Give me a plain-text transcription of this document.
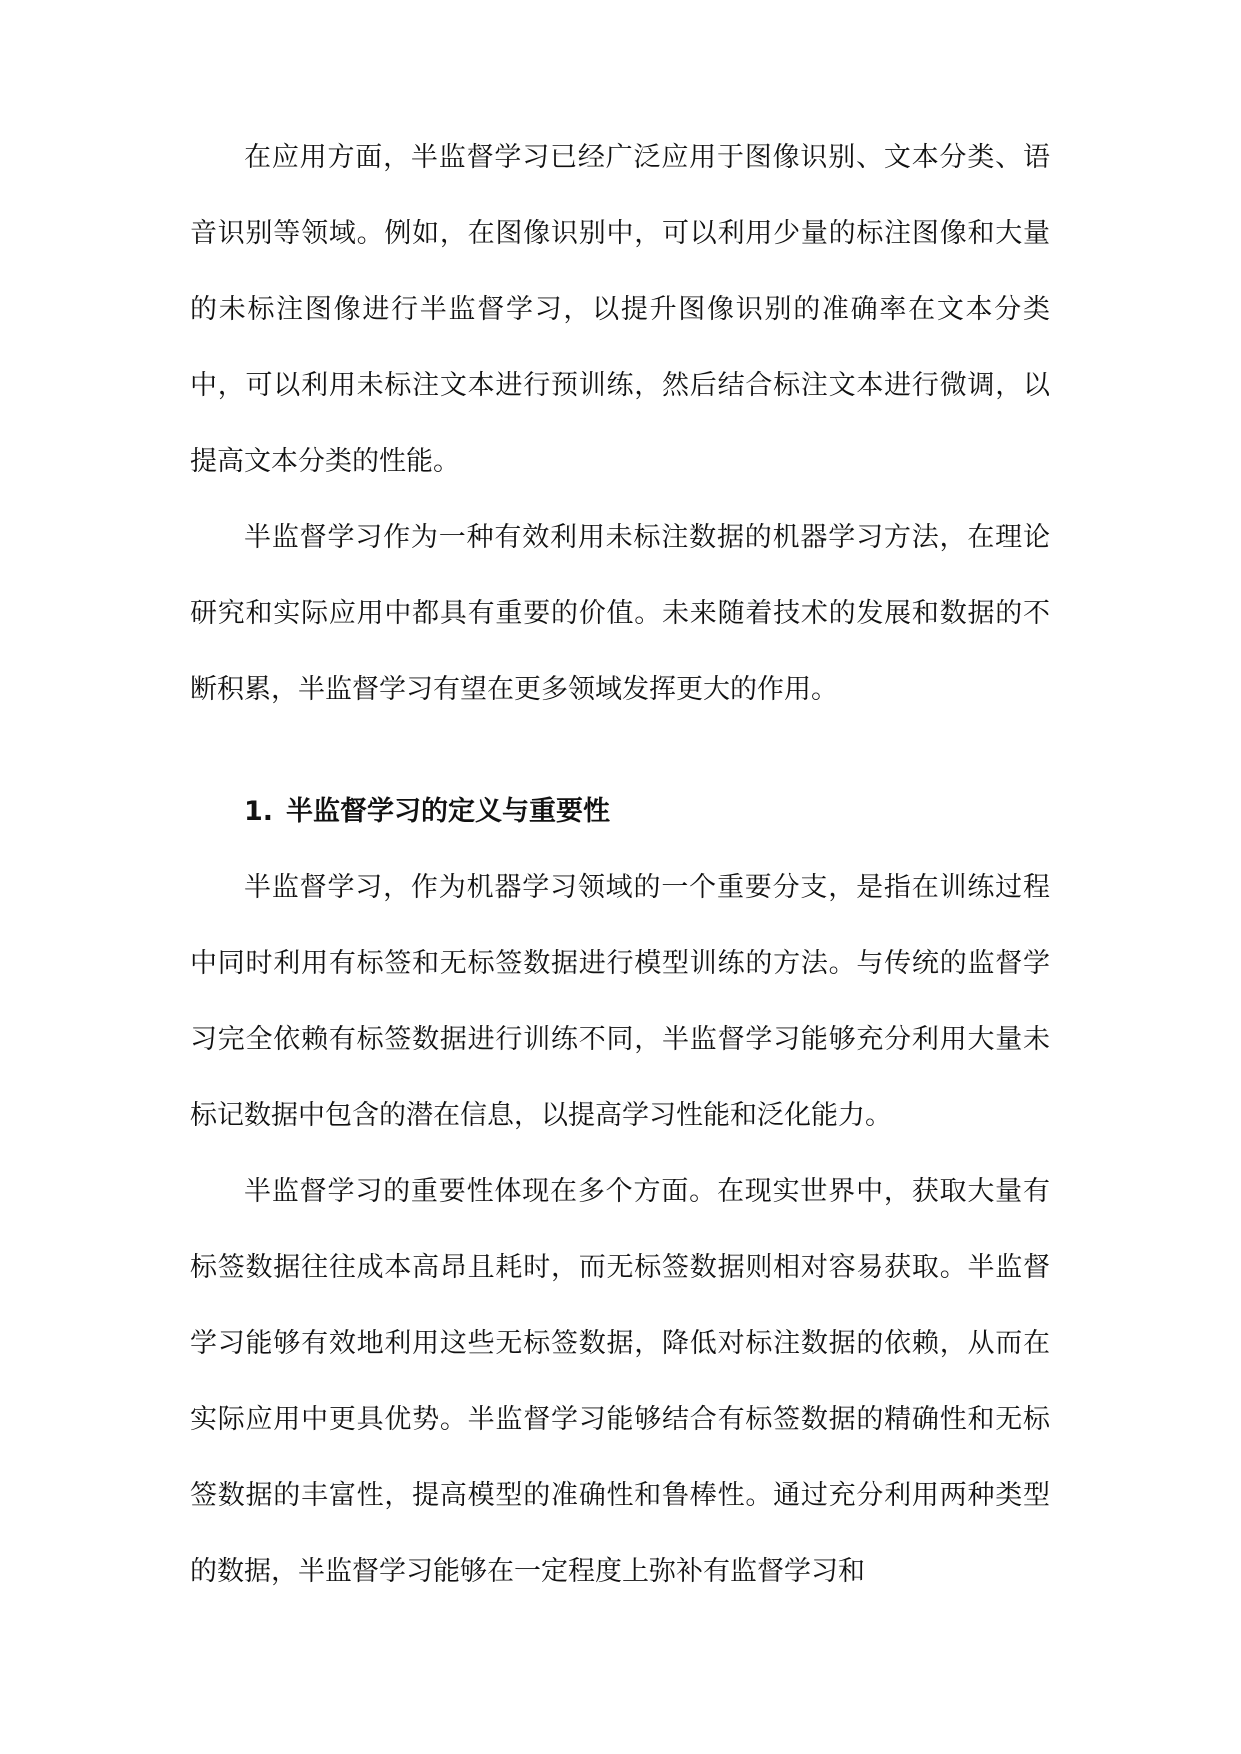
在应用方面，半监督学习已经广泛应用于图像识别、文本分类、语音识别等领域。例如，在图像识别中，可以利用少量的标注图像和大量的未标注图像进行半监督学习，以提升图像识别的准确率在文本分类中，可以利用未标注文本进行预训练，然后结合标注文本进行微调，以提高文本分类的性能。

半监督学习作为一种有效利用未标注数据的机器学习方法，在理论研究和实际应用中都具有重要的价值。未来随着技术的发展和数据的不断积累，半监督学习有望在更多领域发挥更大的作用。

1. 半监督学习的定义与重要性

半监督学习，作为机器学习领域的一个重要分支，是指在训练过程中同时利用有标签和无标签数据进行模型训练的方法。与传统的监督学习完全依赖有标签数据进行训练不同，半监督学习能够充分利用大量未标记数据中包含的潜在信息，以提高学习性能和泛化能力。

半监督学习的重要性体现在多个方面。在现实世界中，获取大量有标签数据往往成本高昂且耗时，而无标签数据则相对容易获取。半监督学习能够有效地利用这些无标签数据，降低对标注数据的依赖，从而在实际应用中更具优势。半监督学习能够结合有标签数据的精确性和无标签数据的丰富性，提高模型的准确性和鲁棒性。通过充分利用两种类型的数据，半监督学习能够在一定程度上弥补有监督学习和
